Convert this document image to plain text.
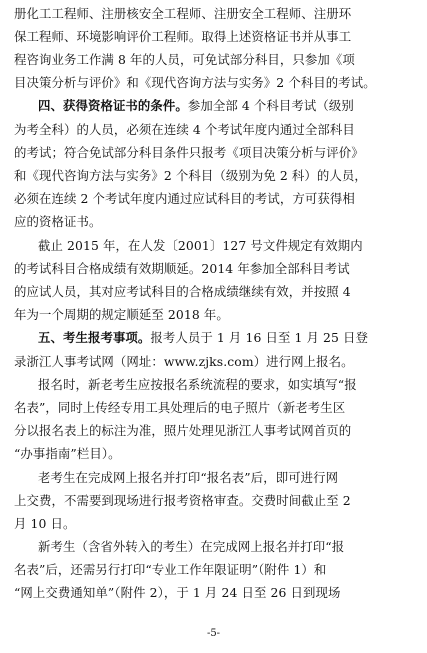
册化工工程师、注册核安全工程师、注册安全工程师、注册环
保工程师、环境影响评价工程师。取得上述资格证书并从事工
程咨询业务工作满 8 年的人员，可免试部分科目，只参加《项
目决策分析与评价》和《现代咨询方法与实务》2 个科目的考试。
四、获得资格证书的条件。参加全部 4 个科目考试（级别
为考全科）的人员，必须在连续 4 个考试年度内通过全部科目
的考试；符合免试部分科目条件只报考《项目决策分析与评价》
和《现代咨询方法与实务》2 个科目（级别为免 2 科）的人员，
必须在连续 2 个考试年度内通过应试科目的考试，方可获得相
应的资格证书。
截止 2015 年，在人发〔2001〕127 号文件规定有效期内
的考试科目合格成绩有效期顺延。2014 年参加全部科目考试
的应试人员，其对应考试科目的合格成绩继续有效，并按照 4
年为一个周期的规定顺延至 2018 年。
五、考生报考事项。报考人员于 1 月 16 日至 1 月 25 日登
录浙江人事考试网（网址：www.zjks.com）进行网上报名。
报名时，新老考生应按报名系统流程的要求，如实填写“报
名表”，同时上传经专用工具处理后的电子照片（新老考生区
分以报名表上的标注为准，照片处理见浙江人事考试网首页的
“办事指南”栏目）。
老考生在完成网上报名并打印“报名表”后，即可进行网
上交费，不需要到现场进行报考资格审查。交费时间截止至 2
月 10 日。
新考生（含省外转入的考生）在完成网上报名并打印“报
名表”后，还需另行打印“专业工作年限证明”（附件 1）和
“网上交费通知单”（附件 2），于 1 月 24 日至 26 日到现场
-5-
